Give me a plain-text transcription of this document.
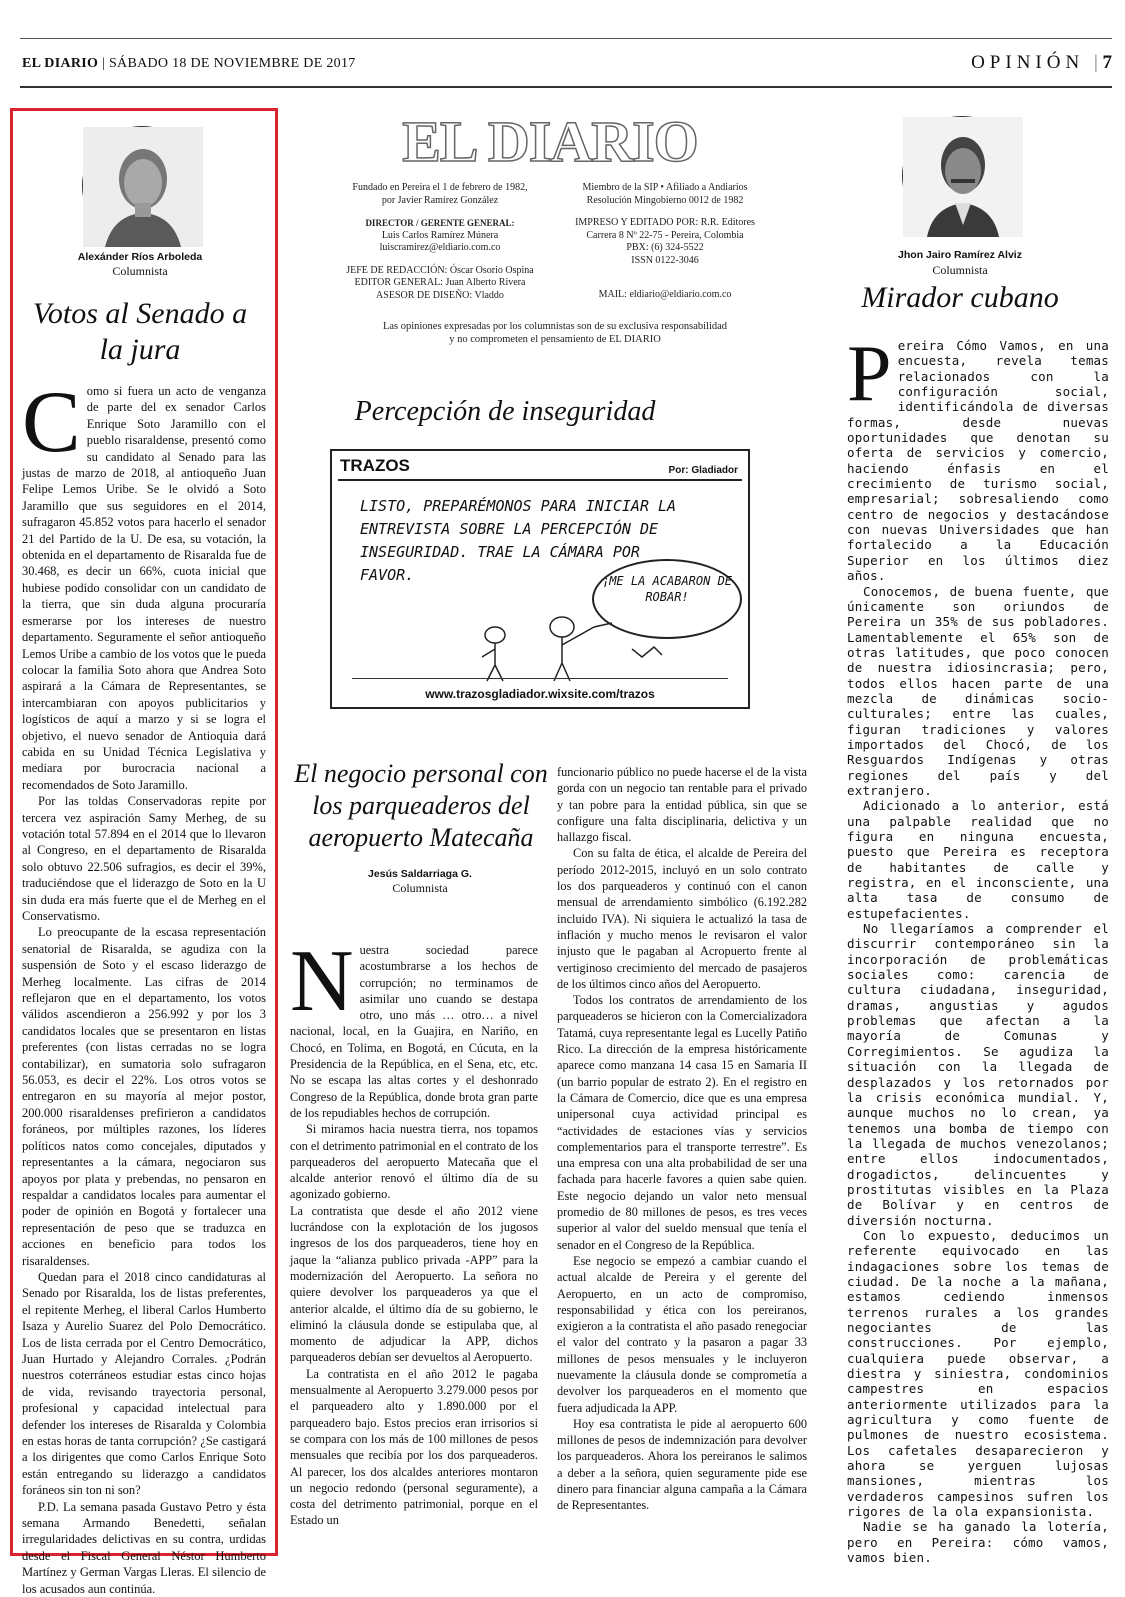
EL DIARIO | SÁBADO 18 DE NOVIEMBRE DE 2017	OPINIÓN | 7
Alexánder Ríos Arboleda
Columnista
Votos al Senado a la jura

Como si fuera un acto de venganza de parte del ex senador Carlos Enrique Soto Jaramillo con el pueblo risaraldense, presentó como su candidato al Senado para las justas de marzo de 2018, al antioqueño Juan Felipe Lemos Uribe. Se le olvidó a Soto Jaramillo que sus seguidores en el 2014, sufragaron 45.852 votos para hacerlo el senador 21 del Partido de la U. De esa, su votación, la obtenida en el departamento de Risaralda fue de 30.468, es decir un 66%, cuota inicial que hubiese podido consolidar con un candidato de la tierra, que sin duda alguna procuraría esmerarse por los intereses de nuestro departamento. Seguramente el señor antioqueño Lemos Uribe a cambio de los votos que le pueda colocar la familia Soto ahora que Andrea Soto aspirará a la Cámara de Representantes, se intercambiaran con apoyos publicitarios y logísticos de aquí a marzo y si se logra el objetivo, el nuevo senador de Antioquia dará cabida en su Unidad Técnica Legislativa y mediara por burocracia nacional a recomendados de Soto Jaramillo.

Por las toldas Conservadoras repite por tercera vez aspiración Samy Merheg, de su votación total 57.894 en el 2014 que lo llevaron al Congreso, en el departamento de Risaralda solo obtuvo 22.506 sufragios, es decir el 39%, traduciéndose que el liderazgo de Soto en la U sin duda era más fuerte que el de Merheg en el Conservatismo.

Lo preocupante de la escasa representación senatorial de Risaralda, se agudiza con la suspensión de Soto y el escaso liderazgo de Merheg localmente. Las cifras de 2014 reflejaron que en el departamento, los votos válidos ascendieron a 256.992 y por los 3 candidatos locales que se presentaron en listas preferentes (con listas cerradas no se logra contabilizar), en sumatoria solo sufragaron 56.053, es decir el 22%. Los otros votos se entregaron en su mayoría al mejor postor, 200.000 risaraldenses prefirieron a candidatos foráneos, por múltiples razones, los líderes políticos natos como concejales, diputados y representantes a la cámara, negociaron sus apoyos por plata y prebendas, no pensaron en respaldar a candidatos locales para aumentar el poder de opinión en Bogotá y fortalecer una representación de peso que se traduzca en acciones en beneficio para todos los risaraldenses.

Quedan para el 2018 cinco candidaturas al Senado por Risaralda, los de listas preferentes, el repitente Merheg, el liberal Carlos Humberto Isaza y Aurelio Suarez del Polo Democrático. Los de lista cerrada por el Centro Democrático, Juan Hurtado y Alejandro Corrales. ¿Podrán nuestros coterráneos estudiar estas cinco hojas de vida, revisando trayectoria personal, profesional y capacidad intelectual para defender los intereses de Risaralda y Colombia en estas horas de tanta corrupción? ¿Se castigará a los dirigentes que como Carlos Enrique Soto están entregando su liderazgo a candidatos foráneos sin ton ni son?

P.D. La semana pasada Gustavo Petro y ésta semana Armando Benedetti, señalan irregularidades delictivas en su contra, urdidas desde el Fiscal General Néstor Humberto Martínez y German Vargas Lleras. El silencio de los acusados aun continúa.

EL DIARIO
Fundado en Pereira el 1 de febrero de 1982,
por Javier Ramírez González
DIRECTOR / GERENTE GENERAL:
Luis Carlos Ramírez Múnera
luiscramirez@eldiario.com.co
JEFE DE REDACCIÓN: Óscar Osorio Ospina
EDITOR GENERAL: Juan Alberto Rivera
ASESOR DE DISEÑO: Vladdo
Miembro de la SIP • Afiliado a Andiarios
Resolución Mingobierno 0012 de 1982
IMPRESO Y EDITADO POR: R.R. Editores
Carrera 8 Nº 22-75 - Pereira, Colombia
PBX: (6) 324-5522
ISSN 0122-3046
MAIL: eldiario@eldiario.com.co
Las opiniones expresadas por los columnistas son de su exclusiva responsabilidad
y no comprometen el pensamiento de EL DIARIO
Percepción de inseguridad
TRAZOS	Por: Gladiador
LISTO, PREPARÉMONOS PARA INICIAR LA ENTREVISTA SOBRE LA PERCEPCIÓN DE INSEGURIDAD. TRAE LA CÁMARA POR FAVOR.	¡ME LA ACABARON DE ROBAR!
www.trazosgladiador.wixsite.com/trazos
El negocio personal con los parqueaderos del aeropuerto Matecaña
Jesús Saldarriaga G.
Columnista

Nuestra sociedad parece acostumbrarse a los hechos de corrupción; no terminamos de asimilar uno cuando se destapa otro, uno más … otro… a nivel nacional, local, en la Guajira, en Nariño, en Chocó, en Tolima, en Bogotá, en Cúcuta, en la Presidencia de la República, en el Sena, etc, etc. No se escapa las altas cortes y el deshonrado Congreso de la República, donde brota gran parte de los repudiables hechos de corrupción.

Si miramos hacia nuestra tierra, nos topamos con el detrimento patrimonial en el contrato de los parqueaderos del aeropuerto Matecaña que el alcalde anterior renovó el último día de su agonizado gobierno.

La contratista que desde el año 2012 viene lucrándose con la explotación de los jugosos ingresos de los dos parqueaderos, tiene hoy en jaque la “alianza publico privada -APP” para la modernización del Aeropuerto. La señora no quiere devolver los parqueaderos ya que el anterior alcalde, el último día de su gobierno, le eliminó la cláusula donde se estipulaba que, al momento de adjudicar la APP, dichos parqueaderos debían ser devueltos al Aeropuerto.

La contratista en el año 2012 le pagaba mensualmente al Aeropuerto 3.279.000 pesos por el parqueadero alto y 1.890.000 por el parqueadero bajo. Estos precios eran irrisorios si se compara con los más de 100 millones de pesos mensuales que recibía por los dos parqueaderos. Al parecer, los dos alcaldes anteriores montaron un negocio redondo (personal seguramente), a costa del detrimento patrimonial, porque en el Estado un

funcionario público no puede hacerse el de la vista gorda con un negocio tan rentable para el privado y tan pobre para la entidad pública, sin que se configure una falta disciplinaria, delictiva y un hallazgo fiscal.

Con su falta de ética, el alcalde de Pereira del período 2012-2015, incluyó en un solo contrato los dos parqueaderos y continuó con el canon mensual de arrendamiento simbólico (6.192.282 incluido IVA). Ni siquiera le actualizó la tasa de inflación y mucho menos le revisaron el valor injusto que le pagaban al Acropuerto frente al vertiginoso crecimiento del mercado de pasajeros de los últimos cinco años del Aeropuerto.

Todos los contratos de arrendamiento de los parqueaderos se hicieron con la Comercializadora Tatamá, cuya representante legal es Lucelly Patiño Rico. La dirección de la empresa históricamente aparece como manzana 14 casa 15 en Samaria II (un barrio popular de estrato 2). En el registro en la Cámara de Comercio, dice que es una empresa unipersonal cuya actividad principal es “actividades de estaciones vías y servicios complementarios para el transporte terrestre”. Es una empresa con una alta probabilidad de ser una fachada para hacerle favores a quien sabe quien. Este negocio dejando un valor neto mensual promedio de 80 millones de pesos, es tres veces superior al valor del sueldo mensual que tenía el senador en el Congreso de la República.

Ese negocio se empezó a cambiar cuando el actual alcalde de Pereira y el gerente del Aeropuerto, en un acto de compromiso, responsabilidad y ética con los pereiranos, exigieron a la contratista el año pasado renegociar el valor del contrato y la pasaron a pagar 33 millones de pesos mensuales y le incluyeron nuevamente la cláusula donde se comprometía a devolver los parqueaderos en el momento que fuera adjudicada la APP.

Hoy esa contratista le pide al aeropuerto 600 millones de pesos de indemnización para devolver los parqueaderos. Ahora los pereiranos le salimos a deber a la señora, quien seguramente pide ese dinero para financiar alguna campaña a la Cámara de Representantes.

Jhon Jairo Ramírez Alviz
Columnista
Mirador cubano

Pereira Cómo Vamos, en una encuesta, revela temas relacionados con la configuración social, identificándola de diversas formas, desde nuevas oportunidades que denotan su oferta de servicios y comercio, haciendo énfasis en el crecimiento de turismo social, empresarial; sobresaliendo como centro de negocios y destacándose con nuevas Universidades que han fortalecido a la Educación Superior en los últimos diez años.

Conocemos, de buena fuente, que únicamente son oriundos de Pereira un 35% de sus pobladores. Lamentablemente el 65% son de otras latitudes, que poco conocen de nuestra idiosincrasia; pero, todos ellos hacen parte de una mezcla de dinámicas socio-culturales; entre las cuales, figuran tradiciones y valores importados del Chocó, de los Resguardos Indígenas y otras regiones del país y del extranjero.

Adicionado a lo anterior, está una palpable realidad que no figura en ninguna encuesta, puesto que Pereira es receptora de habitantes de calle y registra, en el inconsciente, una alta tasa de consumo de estupefacientes.

No llegaríamos a comprender el discurrir contemporáneo sin la incorporación de problemáticas sociales como: carencia de cultura ciudadana, inseguridad, dramas, angustias y agudos problemas que afectan a la mayoría de Comunas y Corregimientos. Se agudiza la situación con la llegada de desplazados y los retornados por la crisis económica mundial. Y, aunque muchos no lo crean, ya tenemos una bomba de tiempo con la llegada de muchos venezolanos; entre ellos indocumentados, drogadictos, delincuentes y prostitutas visibles en la Plaza de Bolívar y en centros de diversión nocturna.

Con lo expuesto, deducimos un referente equivocado en las indagaciones sobre los temas de ciudad. De la noche a la mañana, estamos cediendo inmensos terrenos rurales a los grandes negociantes de las construcciones. Por ejemplo, cualquiera puede observar, a diestra y siniestra, condominios campestres en espacios anteriormente utilizados para la agricultura y como fuente de pulmones de nuestro ecosistema. Los cafetales desaparecieron y ahora se yerguen lujosas mansiones, mientras los verdaderos campesinos sufren los rigores de la ola expansionista.

Nadie se ha ganado la lotería, pero en Pereira: cómo vamos, vamos bien.
